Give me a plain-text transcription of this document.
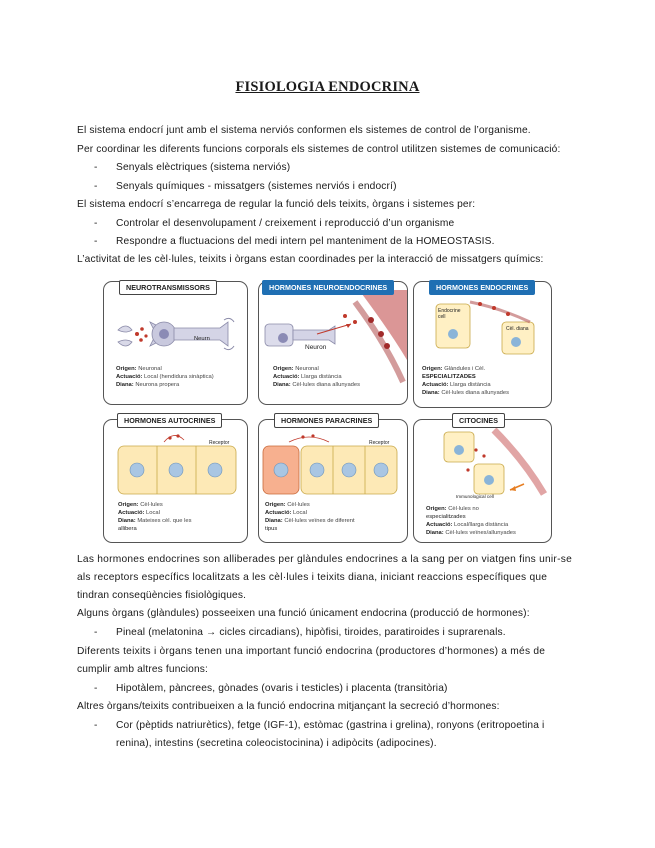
FISIOLOGIA ENDOCRINA
El sistema endocrí junt amb el sistema nerviós conformen els sistemes de control de l’organisme.
Per coordinar les diferents funcions corporals els sistemes de control utilitzen sistemes de comunicació:
- Senyals elèctriques (sistema nerviós)
- Senyals químiques - missatgers (sistemes nerviós i endocrí)
El sistema endocrí s’encarrega de regular la funció dels teixits, òrgans i sistemes per:
- Controlar el desenvolupament / creixement i reproducció d’un organisme
- Respondre a fluctuacions del medi intern pel manteniment de la HOMEOSTASIS.
L’activitat de les cèl·lules, teixits i òrgans estan coordinades per la interacció de missatgers químics:
Neurn
Origen: Neuronal
Actuació: Local (hendidura sinàptica)
Diana: Neurona propera
NEUROTRANSMISSORS
Neuron
Origen: Neuronal
Actuació: Llarga distància
Diana: Cèl·lules diana allunyades
HORMONES NEUROENDOCRINES
Endocrine cell
Cèl. diana
Origen: Glàndules i Cèl.
ESPECIALITZADES
Actuació: Llarga distància
Diana: Cèl·lules diana allunyades
HORMONES ENDOCRINES
Receptor
Origen: Cèl·lules
Actuació: Local
Diana: Mateixes cèl. que les
allibera
HORMONES AUTOCRINES
Receptor
Origen: Cèl·lules
Actuació: Local
Diana: Cèl·lules veïnes de diferent
tipus
HORMONES PARACRINES
Immunological cell
Origen: Cèl·lules no
especialitzades
Actuació: Local/llarga distància
Diana: Cèl·lules veïnes/allunyades
CITOCINES
Las hormones endocrines son alliberades per glàndules endocrines a la sang per on viatgen fins unir-se
als receptors específics localitzats a les cèl·lules i teixits diana, iniciant reaccions específiques que
tindran conseqüències fisiològiques.
Alguns òrgans (glàndules) posseeixen una funció únicament endocrina (producció de hormones):
- Pineal (melatonina → cicles circadians), hipòfisi, tiroides, paratiroides i suprarenals.
Diferents teixits i òrgans tenen una important funció endocrina (productores d’hormones) a més de
cumplir amb altres funcions:
- Hipotàlem, pàncrees, gònades (ovaris i testicles) i placenta (transitòria)
Altres òrgans/teixits contribueixen a la funció endocrina mitjançant la secreció d’hormones:
- Cor (pèptids natriurètics), fetge (IGF-1), estòmac (gastrina i grelina), ronyons (eritropoetina i
renina), intestins (secretina coleocistocinina) i adipòcits (adipocines).
